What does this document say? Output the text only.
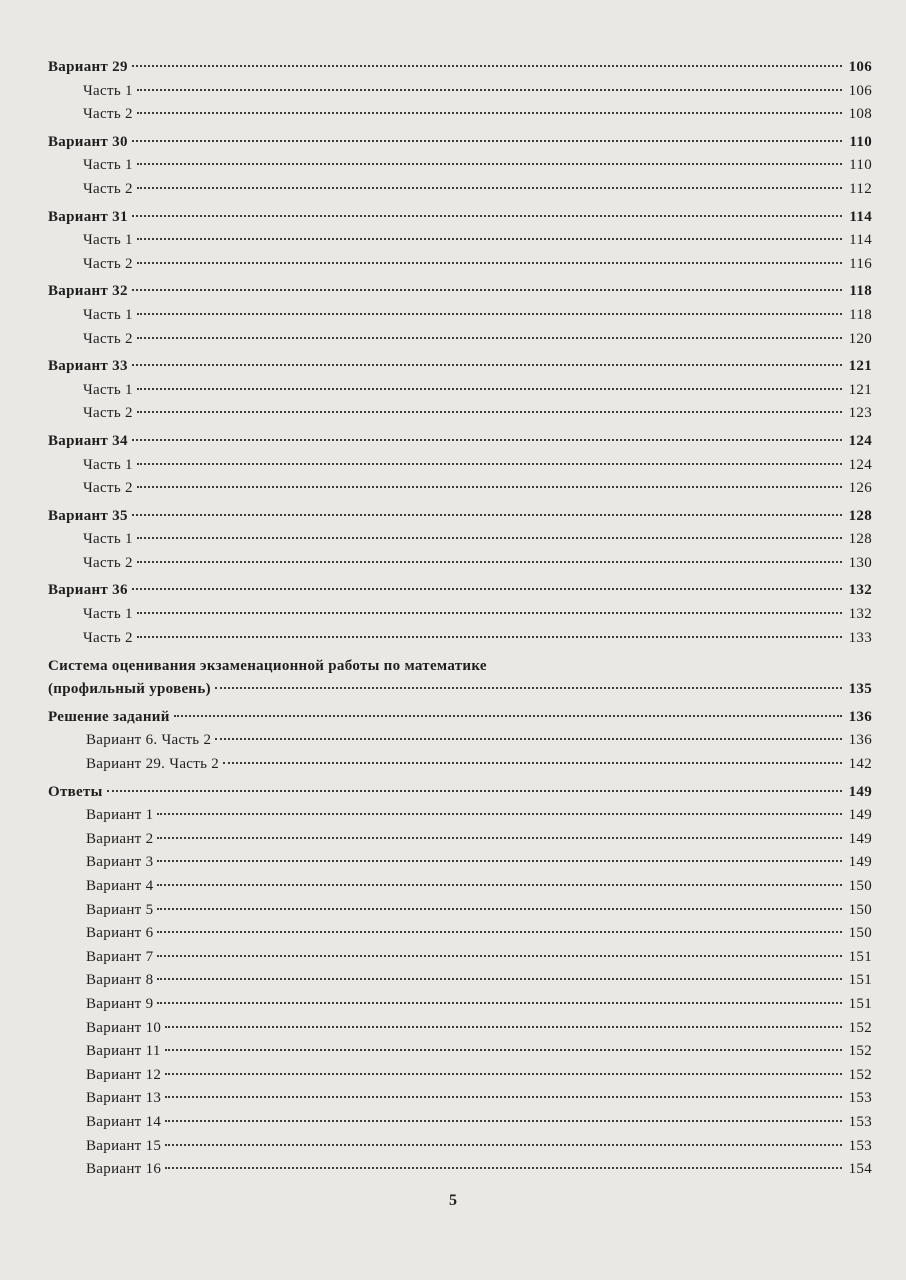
Вариант 29	106
Часть 1	106
Часть 2	108
Вариант 30	110
Часть 1	110
Часть 2	112
Вариант 31	114
Часть 1	114
Часть 2	116
Вариант 32	118
Часть 1	118
Часть 2	120
Вариант 33	121
Часть 1	121
Часть 2	123
Вариант 34	124
Часть 1	124
Часть 2	126
Вариант 35	128
Часть 1	128
Часть 2	130
Вариант 36	132
Часть 1	132
Часть 2	133
Система оценивания экзаменационной работы по математике
(профильный уровень)	135
Решение заданий	136
Вариант 6. Часть 2	136
Вариант 29. Часть 2	142
Ответы	149
Вариант 1	149
Вариант 2	149
Вариант 3	149
Вариант 4	150
Вариант 5	150
Вариант 6	150
Вариант 7	151
Вариант 8	151
Вариант 9	151
Вариант 10	152
Вариант 11	152
Вариант 12	152
Вариант 13	153
Вариант 14	153
Вариант 15	153
Вариант 16	154
5
